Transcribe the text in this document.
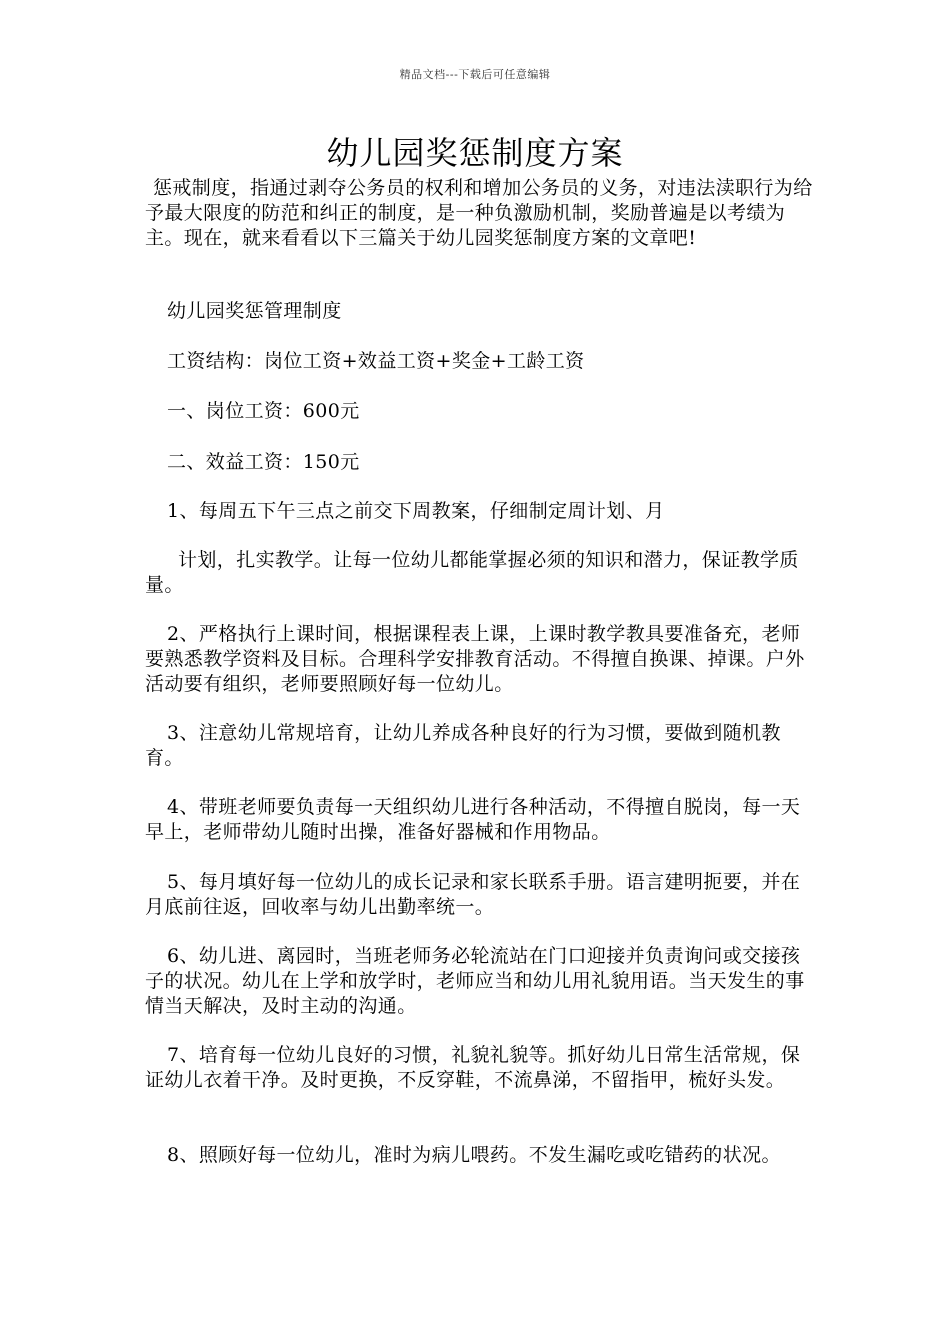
精品文档---下载后可任意编辑
幼儿园奖惩制度方案

惩戒制度，指通过剥夺公务员的权利和增加公务员的义务，对违法渎职行为给予最大限度的防范和纠正的制度，是一种负激励机制，奖励普遍是以考绩为主。现在，就来看看以下三篇关于幼儿园奖惩制度方案的文章吧!

幼儿园奖惩管理制度

工资结构：岗位工资+效益工资+奖金+工龄工资

一、岗位工资：600元

二、效益工资：150元

1、每周五下午三点之前交下周教案，仔细制定周计划、月

计划，扎实教学。让每一位幼儿都能掌握必须的知识和潜力，保证教学质量。

2、严格执行上课时间，根据课程表上课，上课时教学教具要准备充，老师要熟悉教学资料及目标。合理科学安排教育活动。不得擅自换课、掉课。户外活动要有组织，老师要照顾好每一位幼儿。

3、注意幼儿常规培育，让幼儿养成各种良好的行为习惯，要做到随机教育。

4、带班老师要负责每一天组织幼儿进行各种活动，不得擅自脱岗，每一天早上，老师带幼儿随时出操，准备好器械和作用物品。

5、每月填好每一位幼儿的成长记录和家长联系手册。语言建明扼要，并在月底前往返，回收率与幼儿出勤率统一。

6、幼儿进、离园时，当班老师务必轮流站在门口迎接并负责询问或交接孩子的状况。幼儿在上学和放学时，老师应当和幼儿用礼貌用语。当天发生的事情当天解决，及时主动的沟通。

7、培育每一位幼儿良好的习惯，礼貌礼貌等。抓好幼儿日常生活常规，保证幼儿衣着干净。及时更换，不反穿鞋，不流鼻涕，不留指甲，梳好头发。

8、照顾好每一位幼儿，准时为病儿喂药。不发生漏吃或吃错药的状况。
